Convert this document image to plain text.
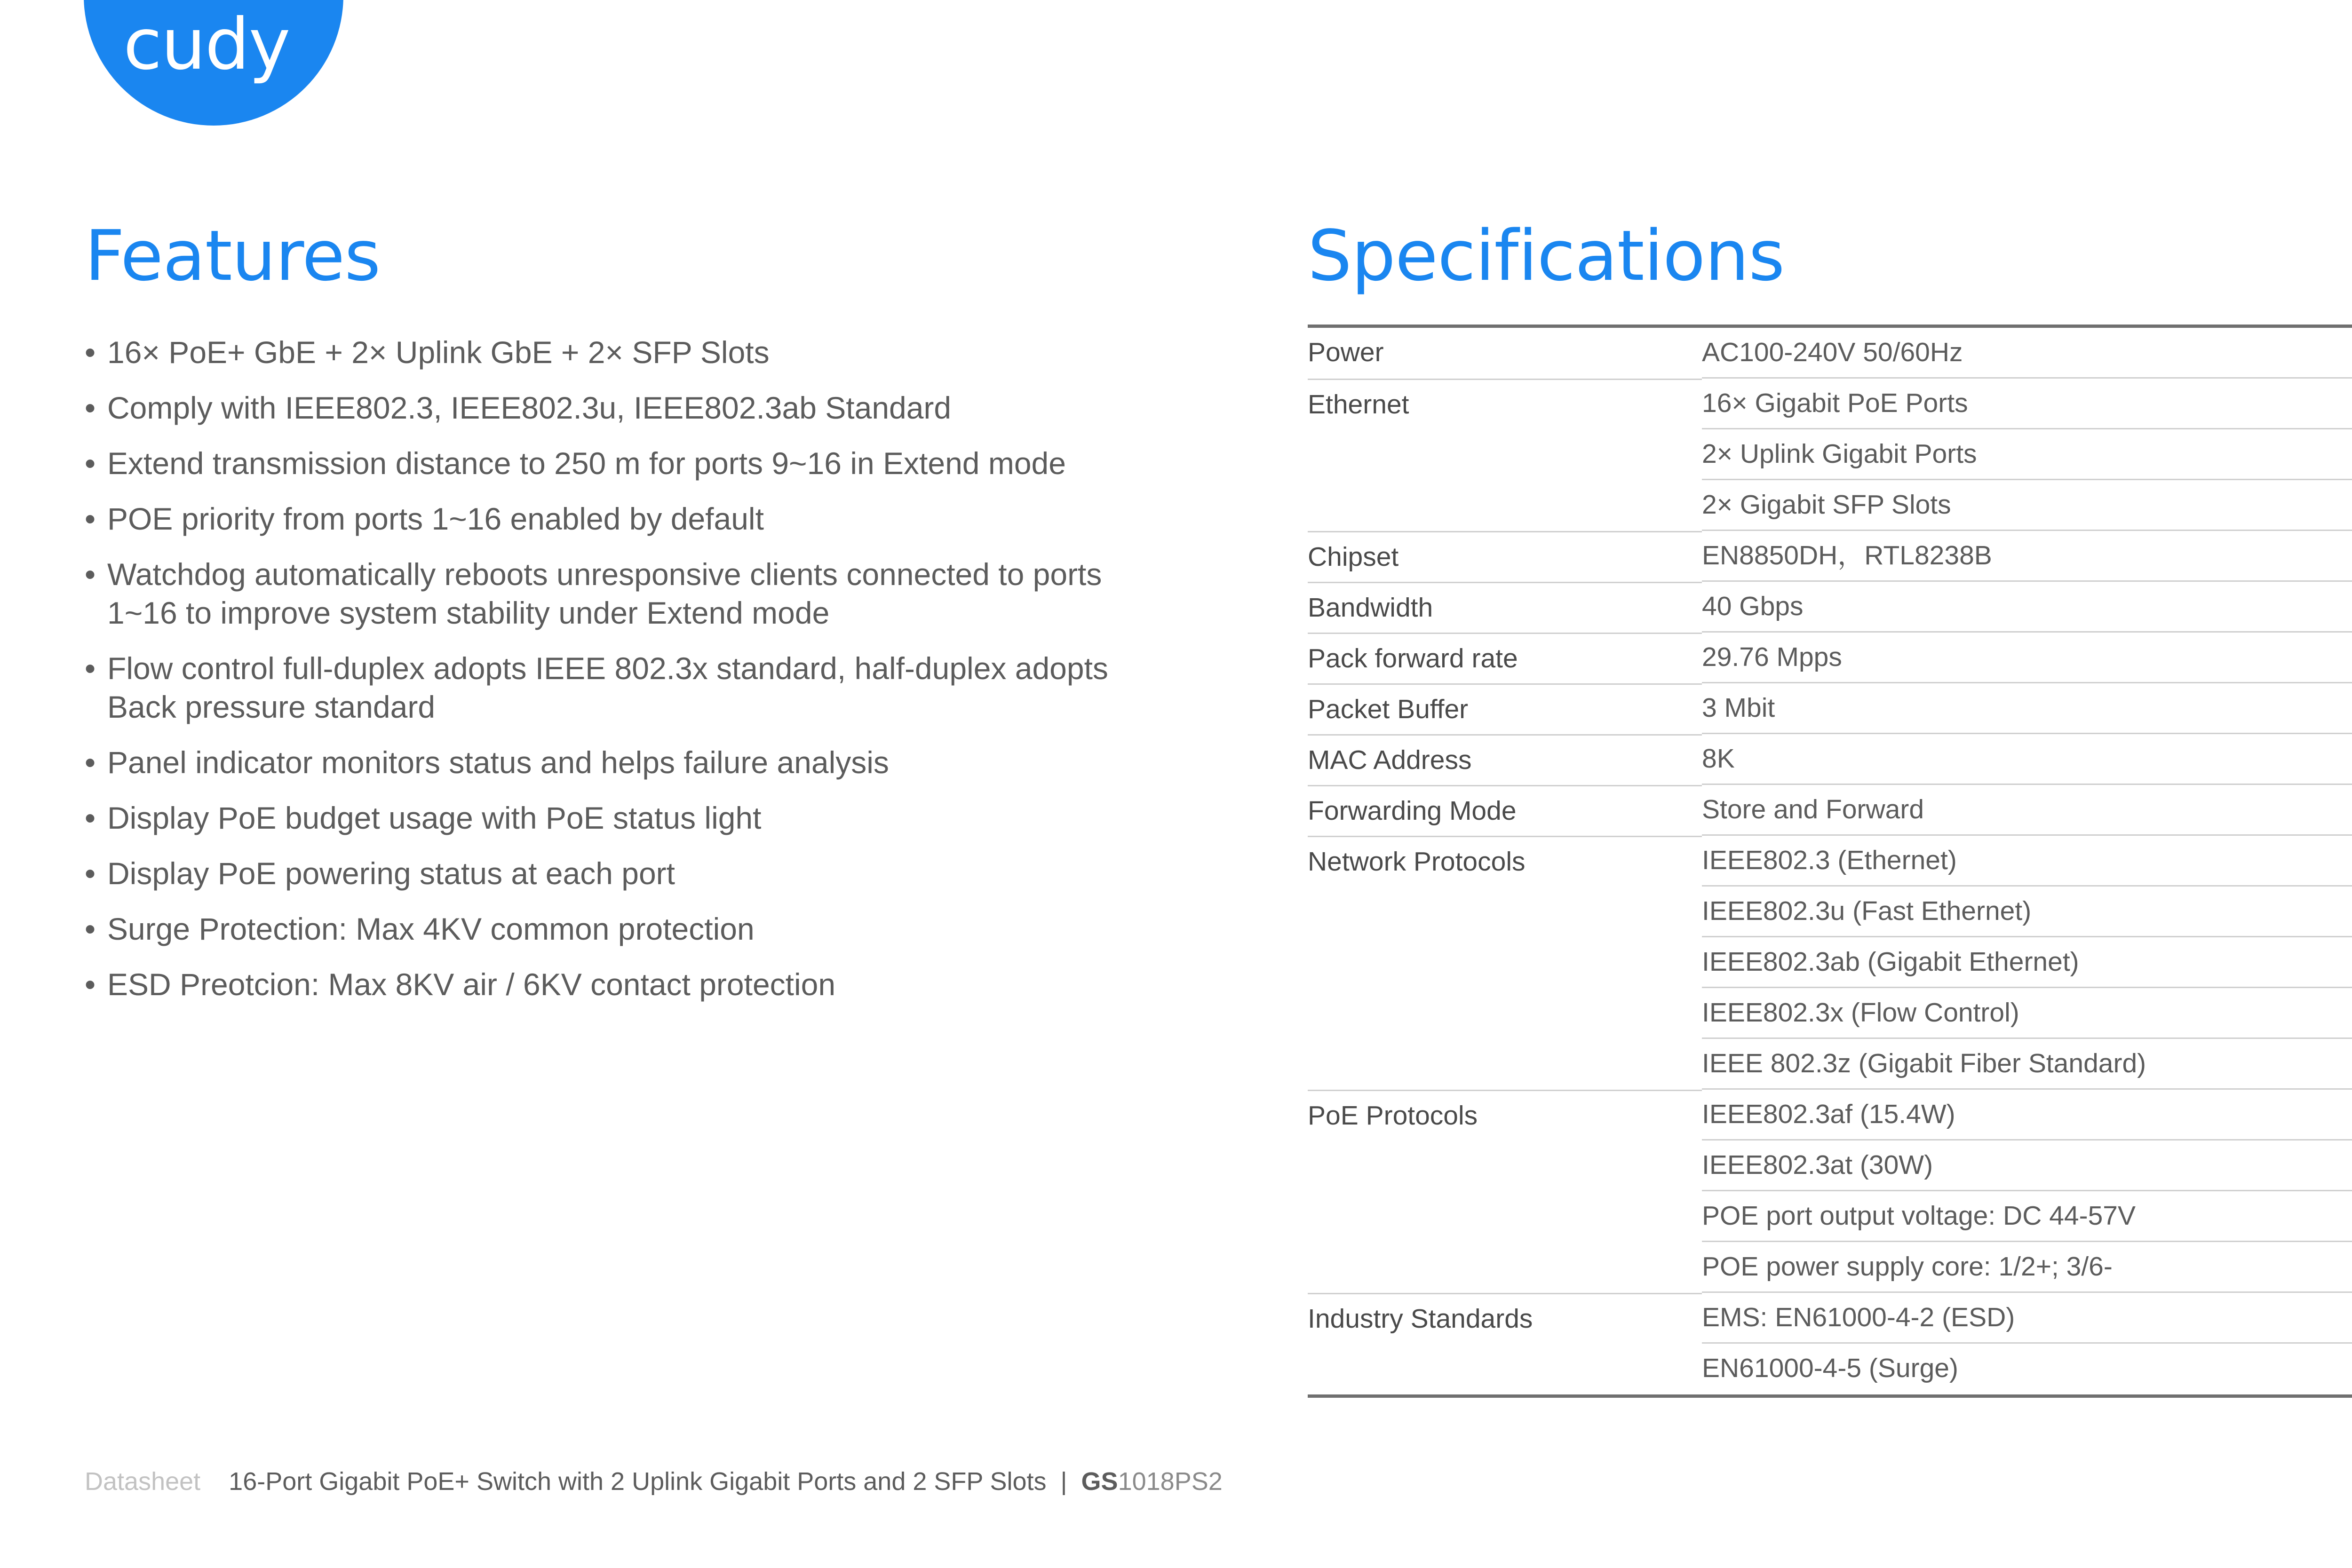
cudy
Features
• 16× PoE+ GbE + 2× Uplink GbE + 2× SFP Slots
• Comply with IEEE802.3, IEEE802.3u, IEEE802.3ab Standard
• Extend transmission distance to 250 m for ports 9~16 in Extend mode
• POE priority from ports 1~16 enabled by default
• Watchdog automatically reboots unresponsive clients connected to ports 1~16 to improve system stability under Extend mode
• Flow control full-duplex adopts IEEE 802.3x standard, half-duplex adopts Back pressure standard
• Panel indicator monitors status and helps failure analysis
• Display PoE budget usage with PoE status light
• Display PoE powering status at each port
• Surge Protection: Max 4KV common protection
• ESD Preotcion: Max 8KV air / 6KV contact protection
Specifications
Power	AC100-240V 50/60Hz
Ethernet	16× Gigabit PoE Ports
2× Uplink Gigabit Ports
2× Gigabit SFP Slots
Chipset	EN8850DH，RTL8238B
Bandwidth	40 Gbps
Pack forward rate	29.76 Mpps
Packet Buffer	3 Mbit
MAC Address	8K
Forwarding Mode	Store and Forward
Network Protocols	IEEE802.3 (Ethernet)
IEEE802.3u (Fast Ethernet)
IEEE802.3ab (Gigabit Ethernet)
IEEE802.3x (Flow Control)
IEEE 802.3z (Gigabit Fiber Standard)
PoE Protocols	IEEE802.3af (15.4W)
IEEE802.3at (30W)
POE port output voltage: DC 44-57V
POE power supply core: 1/2+; 3/6-
Industry Standards	EMS: EN61000-4-2 (ESD)
EN61000-4-5 (Surge)
Datasheet 16-Port Gigabit PoE+ Switch with 2 Uplink Gigabit Ports and 2 SFP Slots | GS1018PS2
